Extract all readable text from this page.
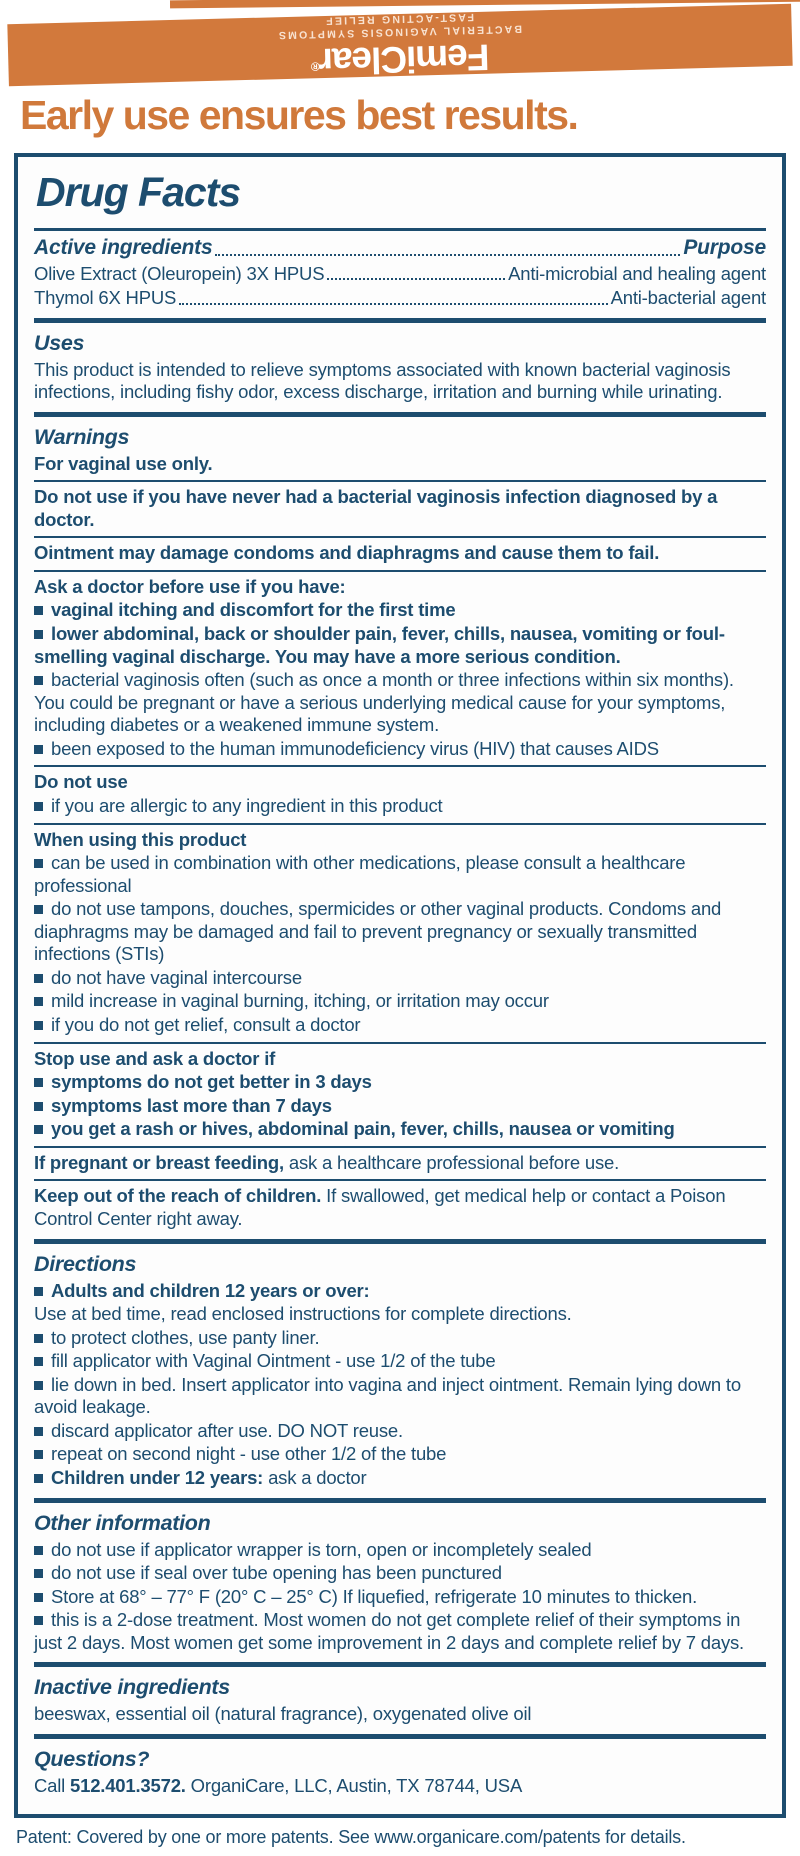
FemiClear®
BACTERIAL VAGINOSIS SYMPTOMS
FAST-ACTING RELIEF
Early use ensures best results.
Drug Facts
Active ingredients	Purpose
Olive Extract (Oleuropein) 3X HPUS	Anti-microbial and healing agent
Thymol 6X HPUS	Anti-bacterial agent
Uses

This product is intended to relieve symptoms associated with known bacterial vaginosis infections, including fishy odor, excess discharge, irritation and burning while urinating.

Warnings

For vaginal use only.

Do not use if you have never had a bacterial vaginosis infection diagnosed by a doctor.

Ointment may damage condoms and diaphragms and cause them to fail.

Ask a doctor before use if you have:

vaginal itching and discomfort for the first time

lower abdominal, back or shoulder pain, fever, chills, nausea, vomiting or foul-smelling vaginal discharge. You may have a more serious condition.

bacterial vaginosis often (such as once a month or three infections within six months). You could be pregnant or have a serious underlying medical cause for your symptoms, including diabetes or a weakened immune system.

been exposed to the human immunodeficiency virus (HIV) that causes AIDS

Do not use

if you are allergic to any ingredient in this product

When using this product

can be used in combination with other medications, please consult a healthcare professional

do not use tampons, douches, spermicides or other vaginal products. Condoms and diaphragms may be damaged and fail to prevent pregnancy or sexually transmitted infections (STIs)

do not have vaginal intercourse

mild increase in vaginal burning, itching, or irritation may occur

if you do not get relief, consult a doctor

Stop use and ask a doctor if

symptoms do not get better in 3 days

symptoms last more than 7 days

you get a rash or hives, abdominal pain, fever, chills, nausea or vomiting

If pregnant or breast feeding, ask a healthcare professional before use.

Keep out of the reach of children. If swallowed, get medical help or contact a Poison Control Center right away.

Directions

Adults and children 12 years or over:

Use at bed time, read enclosed instructions for complete directions.

to protect clothes, use panty liner.

fill applicator with Vaginal Ointment - use 1/2 of the tube

lie down in bed. Insert applicator into vagina and inject ointment. Remain lying down to avoid leakage.

discard applicator after use. DO NOT reuse.

repeat on second night - use other 1/2 of the tube

Children under 12 years: ask a doctor

Other information

do not use if applicator wrapper is torn, open or incompletely sealed

do not use if seal over tube opening has been punctured

Store at 68° – 77° F (20° C – 25° C) If liquefied, refrigerate 10 minutes to thicken.

this is a 2-dose treatment. Most women do not get complete relief of their symptoms in just 2 days. Most women get some improvement in 2 days and complete relief by 7 days.

Inactive ingredients

beeswax, essential oil (natural fragrance), oxygenated olive oil

Questions?

Call 512.401.3572. OrganiCare, LLC, Austin, TX 78744, USA

Patent: Covered by one or more patents. See www.organicare.com/patents for details.
